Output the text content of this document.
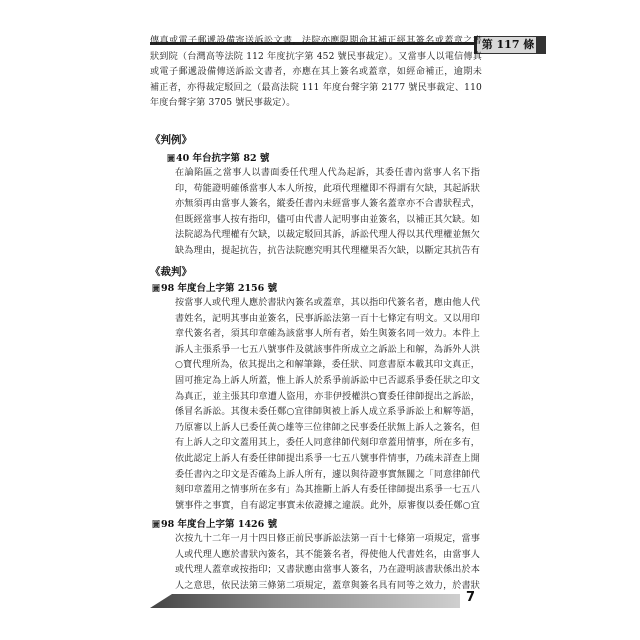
第 117 條
傳真或電子郵遞設備寄送訴訟文書，法院亦應限期命其補正經其簽名或蓋章之書狀到院（台灣高等法院 112 年度抗字第 452 號民事裁定）。又當事人以電信傳真或電子郵遞設備傳送訴訟文書者，亦應在其上簽名或蓋章，如經命補正，逾期未補正者，亦得裁定駁回之（最高法院 111 年度台聲字第 2177 號民事裁定、110 年度台聲字第 3705 號民事裁定）。
《判例》
圖40 年台抗字第 82 號
在論陷區之當事人以書面委任代理人代為起訴，其委任書內當事人名下指印，苟能證明確係當事人本人所按，此項代理權即不得謂有欠缺，其起訴狀亦無須再由當事人簽名，縱委任書內未經當事人簽名蓋章亦不合書狀程式，但既經當事人按有指印，儘可由代書人記明事由並簽名，以補正其欠缺。如法院認為代理權有欠缺，以裁定駁回其訴，訴訟代理人得以其代理權並無欠缺為理由，提起抗告，抗告法院應究明其代理權果否欠缺，以斷定其抗告有
《裁判》
圖98 年度台上字第 2156 號
按當事人或代理人應於書狀內簽名或蓋章，其以指印代簽名者，應由他人代書姓名，記明其事由並簽名，民事訴訟法第一百十七條定有明文。又以用印章代簽名者，須其印章確為該當事人所有者，始生與簽名同一效力。本件上訴人主張系爭一七五八號事件及就該事件所成立之訴訟上和解，為訴外人洪○寶代理所為，依其提出之和解筆錄，委任狀、同意書原本載其印文真正，固可推定為上訴人所蓋，惟上訴人於系爭前訴訟中已否認系爭委任狀之印文為真正，並主張其印章遭人盜用，亦非伊授權洪○寶委任律師提出之訴訟，係冒名訴訟。其復未委任鄭○宜律師與被上訴人成立系爭訴訟上和解等語，乃原審以上訴人已委任黃○雄等三位律師之民事委任狀無上訴人之簽名，但有上訴人之印文蓋用其上，委任人同意律師代刻印章蓋用情事，所在多有，依此認定上訴人有委任律師提出系爭一七五八號事件情事，乃疏未詳查上開委任書內之印文是否確為上訴人所有，遽以與待證事實無關之「同意律師代刻印章蓋用之情事所在多有」為其推斷上訴人有委任律師提出系爭一七五八號事件之事實，自有認定事實未依證據之違誤。此外，原審復以委任鄭○宜
圖98 年度台上字第 1426 號
次按九十二年一月十四日修正前民事訴訟法第一百十七條第一項規定，當事人或代理人應於書狀內簽名，其不能簽名者，得使他人代書姓名，由當事人或代理人蓋章或按指印；又書狀應由當事人簽名，乃在證明該書狀係出於本人之意思，依民法第三條第二項規定，蓋章與簽名具有同等之效力，於書狀
7
